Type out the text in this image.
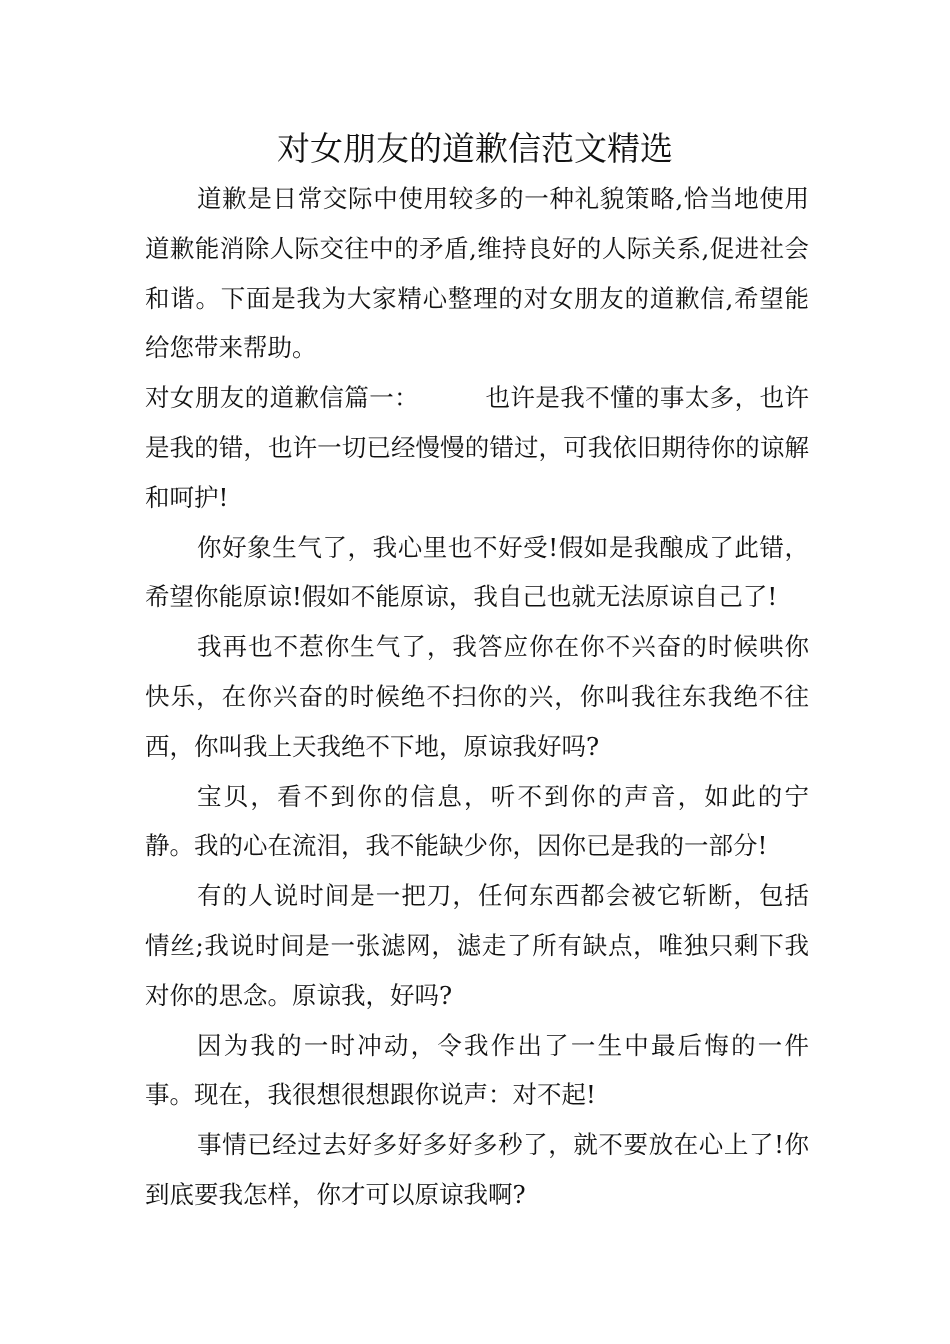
对女朋友的道歉信范文精选

道歉是日常交际中使用较多的一种礼貌策略,恰当地使用道歉能消除人际交往中的矛盾,维持良好的人际关系,促进社会和谐。下面是我为大家精心整理的对女朋友的道歉信,希望能给您带来帮助。

对女朋友的道歉信篇一：	也许是我不懂的事太多，也许是我的错，也许一切已经慢慢的错过，可我依旧期待你的谅解和呵护!

你好象生气了，我心里也不好受!假如是我酿成了此错，希望你能原谅!假如不能原谅，我自己也就无法原谅自己了!

我再也不惹你生气了，我答应你在你不兴奋的时候哄你快乐，在你兴奋的时候绝不扫你的兴，你叫我往东我绝不往西，你叫我上天我绝不下地，原谅我好吗?

宝贝，看不到你的信息，听不到你的声音，如此的宁静。我的心在流泪，我不能缺少你，因你已是我的一部分!

有的人说时间是一把刀，任何东西都会被它斩断，包括情丝;我说时间是一张滤网，滤走了所有缺点，唯独只剩下我对你的思念。原谅我，好吗?

因为我的一时冲动，令我作出了一生中最后悔的一件事。现在，我很想很想跟你说声：对不起!

事情已经过去好多好多好多秒了，就不要放在心上了!你到底要我怎样，你才可以原谅我啊?
